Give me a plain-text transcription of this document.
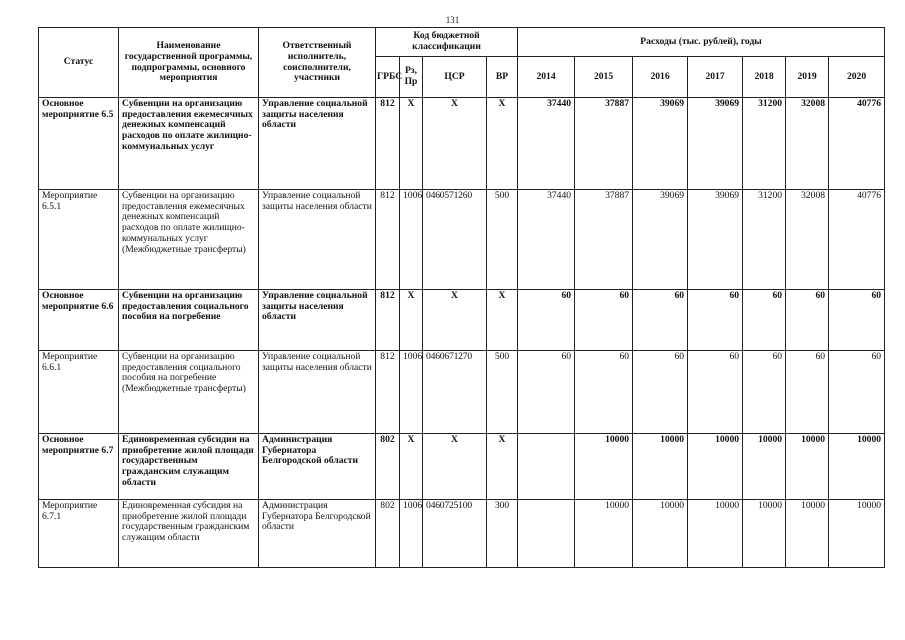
131
Статус	Наименование государственной программы, подпрограммы, основного мероприятия	Ответственный исполнитель, соисполнители, участники	Код бюджетной классификации				Расходы (тыс. рублей), годы						
			ГРБС	Рз, Пр	ЦСР	ВР	2014	2015	2016	2017	2018	2019	2020
Основное мероприятие 6.5	Субвенции на организацию предоставления ежемесячных денежных компенсаций расходов по оплате жилищно-коммунальных услуг	Управление социальной защиты населения области	812	X	X	X	37440	37887	39069	39069	31200	32008	40776
Мероприятие 6.5.1	Субвенции на организацию предоставления ежемесячных денежных компенсаций расходов по оплате жилищно-коммунальных услуг (Межбюджетные трансферты)	Управление социальной защиты населения области	812	1006	0460571260	500	37440	37887	39069	39069	31200	32008	40776
Основное мероприятие 6.6	Субвенции на организацию предоставления социального пособия на погребение	Управление социальной защиты населения области	812	X	X	X	60	60	60	60	60	60	60
Мероприятие 6.6.1	Субвенции на организацию предоставления социального пособия на погребение (Межбюджетные трансферты)	Управление социальной защиты населения области	812	1006	0460671270	500	60	60	60	60	60	60	60
Основное мероприятие 6.7	Единовременная субсидия на приобретение жилой площади государственным гражданским служащим области	Администрация Губернатора Белгородской области	802	X	X	X		10000	10000	10000	10000	10000	10000
Мероприятие 6.7.1	Единовременная субсидия на приобретение жилой площади государственным гражданским служащим области	Администрация Губернатора Белгородской области	802	1006	0460725100	300		10000	10000	10000	10000	10000	10000
